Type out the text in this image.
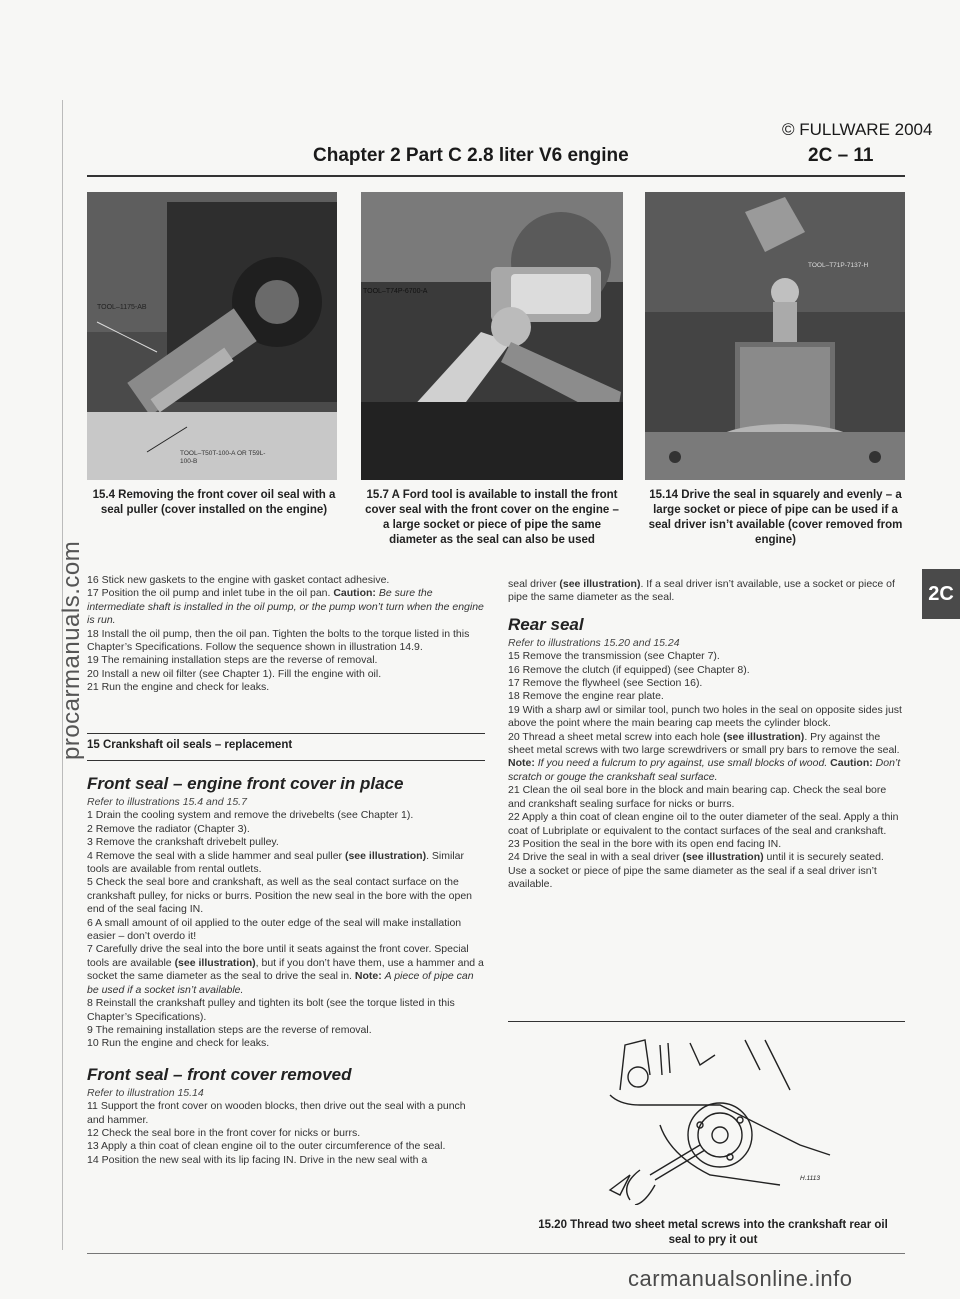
© FULLWARE 2004
Chapter 2 Part C 2.8 liter V6 engine	2C – 11
TOOL–1175-AB
TOOL–T50T-100-A OR T59L-100-B
15.4 Removing the front cover oil seal with a seal puller (cover installed on the engine)
TOOL–T74P-6700-A
15.7 A Ford tool is available to install the front cover seal with the front cover on the engine – a large socket or piece of pipe the same diameter as the seal can also be used
TOOL–T71P-7137-H
15.14 Drive the seal in squarely and evenly – a large socket or piece of pipe can be used if a seal driver isn’t available (cover removed from engine)

16 Stick new gaskets to the engine with gasket contact adhesive.

17 Position the oil pump and inlet tube in the oil pan. Caution: Be sure the intermediate shaft is installed in the oil pump, or the pump won’t turn when the engine is run.

18 Install the oil pump, then the oil pan. Tighten the bolts to the torque listed in this Chapter’s Specifications. Follow the sequence shown in illustration 14.9.

19 The remaining installation steps are the reverse of removal.

20 Install a new oil filter (see Chapter 1). Fill the engine with oil.

21 Run the engine and check for leaks.

15 Crankshaft oil seals – replacement
Front seal – engine front cover in place

Refer to illustrations 15.4 and 15.7

1 Drain the cooling system and remove the drivebelts (see Chapter 1).

2 Remove the radiator (Chapter 3).

3 Remove the crankshaft drivebelt pulley.

4 Remove the seal with a slide hammer and seal puller (see illustration). Similar tools are available from rental outlets.

5 Check the seal bore and crankshaft, as well as the seal contact surface on the crankshaft pulley, for nicks or burrs. Position the new seal in the bore with the open end of the seal facing IN.

6 A small amount of oil applied to the outer edge of the seal will make installation easier – don’t overdo it!

7 Carefully drive the seal into the bore until it seats against the front cover. Special tools are available (see illustration), but if you don’t have them, use a hammer and a socket the same diameter as the seal to drive the seal in. Note: A piece of pipe can be used if a socket isn’t available.

8 Reinstall the crankshaft pulley and tighten its bolt (see the torque listed in this Chapter’s Specifications).

9 The remaining installation steps are the reverse of removal.

10 Run the engine and check for leaks.

Front seal – front cover removed

Refer to illustration 15.14

11 Support the front cover on wooden blocks, then drive out the seal with a punch and hammer.

12 Check the seal bore in the front cover for nicks or burrs.

13 Apply a thin coat of clean engine oil to the outer circumference of the seal.

14 Position the new seal with its lip facing IN. Drive in the new seal with a

seal driver (see illustration). If a seal driver isn’t available, use a socket or piece of pipe the same diameter as the seal.

Rear seal

Refer to illustrations 15.20 and 15.24

15 Remove the transmission (see Chapter 7).

16 Remove the clutch (if equipped) (see Chapter 8).

17 Remove the flywheel (see Section 16).

18 Remove the engine rear plate.

19 With a sharp awl or similar tool, punch two holes in the seal on opposite sides just above the point where the main bearing cap meets the cylinder block.

20 Thread a sheet metal screw into each hole (see illustration). Pry against the sheet metal screws with two large screwdrivers or small pry bars to remove the seal. Note: If you need a fulcrum to pry against, use small blocks of wood. Caution: Don’t scratch or gouge the crankshaft seal surface.

21 Clean the oil seal bore in the block and main bearing cap. Check the seal bore and crankshaft sealing surface for nicks or burrs.

22 Apply a thin coat of clean engine oil to the outer diameter of the seal. Apply a thin coat of Lubriplate or equivalent to the contact surfaces of the seal and crankshaft.

23 Position the seal in the bore with its open end facing IN.

24 Drive the seal in with a seal driver (see illustration) until it is securely seated. Use a socket or piece of pipe the same diameter as the seal if a seal driver isn’t available.

H.1113
15.20 Thread two sheet metal screws into the crankshaft rear oil seal to pry it out
2C
procarmanuals.com
carmanualsonline.info
